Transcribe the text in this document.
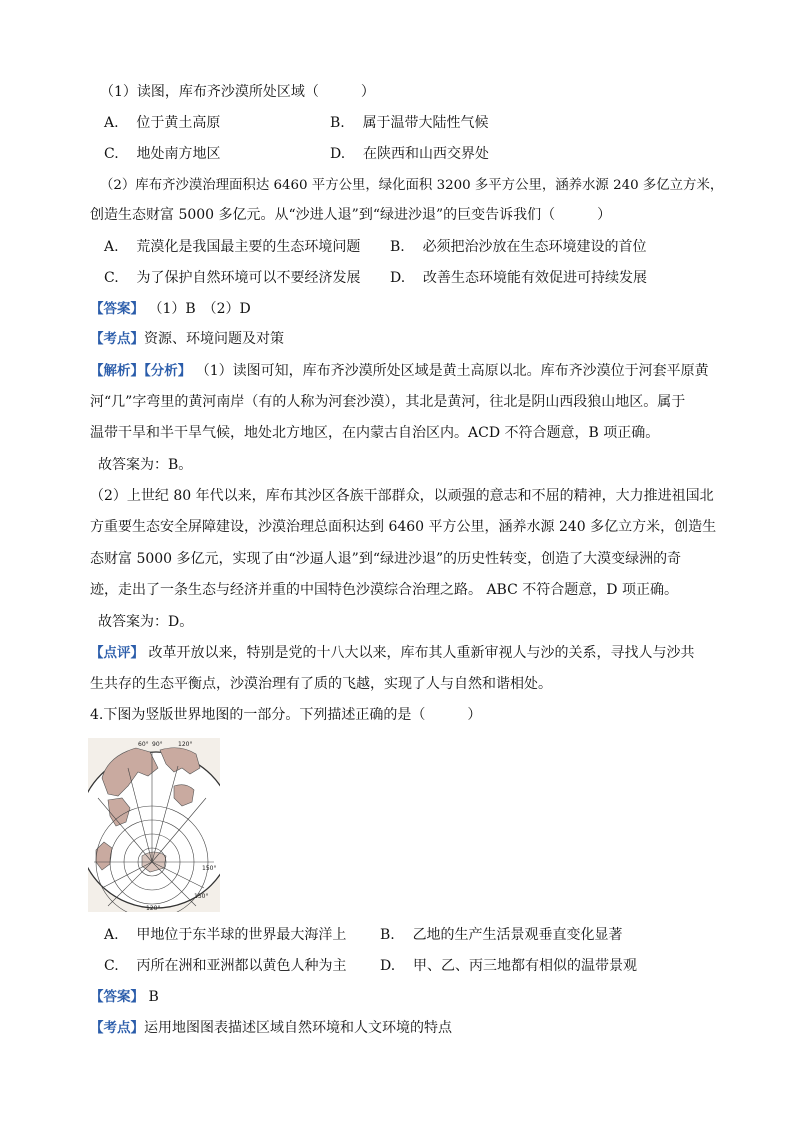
（1）读图，库布齐沙漠所处区域（　　　）
A. 位于黄土高原	B. 属于温带大陆性气候
C. 地处南方地区	D. 在陕西和山西交界处
（2）库布齐沙漠治理面积达 6460 平方公里，绿化面积 3200 多平方公里，涵养水源 240 多亿立方米，
创造生态财富 5000 多亿元。从“沙进人退”到“绿进沙退”的巨变告诉我们（　　　）
A. 荒漠化是我国最主要的生态环境问题 B. 必须把治沙放在生态环境建设的首位
C. 为了保护自然环境可以不要经济发展 D. 改善生态环境能有效促进可持续发展
【答案】 （1）B　（2）D
【考点】资源、环境问题及对策
【解析】【分析】 （1）读图可知，库布齐沙漠所处区域是黄土高原以北。库布齐沙漠位于河套平原黄
河“几”字弯里的黄河南岸（有的人称为河套沙漠），其北是黄河，往北是阴山西段狼山地区。属于
温带干旱和半干旱气候，地处北方地区，在内蒙古自治区内。ACD 不符合题意，B 项正确。
故答案为：B。
（2）上世纪 80 年代以来，库布其沙区各族干部群众，以顽强的意志和不屈的精神，大力推进祖国北
方重要生态安全屏障建设，沙漠治理总面积达到 6460 平方公里，涵养水源 240 多亿立方米，创造生
态财富 5000 多亿元，实现了由“沙逼人退”到“绿进沙退”的历史性转变，创造了大漠变绿洲的奇
迹，走出了一条生态与经济并重的中国特色沙漠综合治理之路。 ABC 不符合题意，D 项正确。
故答案为：D。
【点评】 改革开放以来，特别是党的十八大以来，库布其人重新审视人与沙的关系，寻找人与沙共
生共存的生态平衡点，沙漠治理有了质的飞越，实现了人与自然和谐相处。
4.下图为竖版世界地图的一部分。下列描述正确的是（　　　）
60° 90°	120°
150°
150°
120°
A. 甲地位于东半球的世界最大海洋上 B. 乙地的生产生活景观垂直变化显著
C. 丙所在洲和亚洲都以黄色人种为主 D. 甲、乙、丙三地都有相似的温带景观
【答案】 B
【考点】运用地图图表描述区域自然环境和人文环境的特点
